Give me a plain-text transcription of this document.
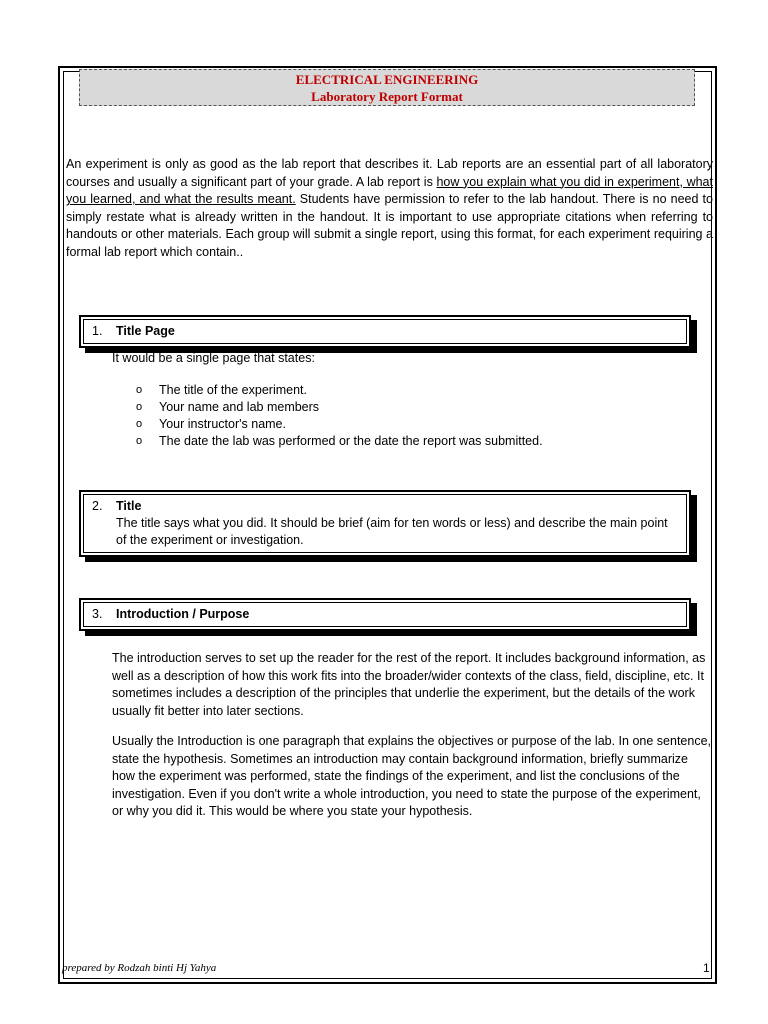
ELECTRICAL ENGINEERING
Laboratory Report Format
An experiment is only as good as the lab report that describes it. Lab reports are an essential part of all laboratory courses and usually a significant part of your grade. A lab report is how you explain what you did in experiment, what you learned, and what the results meant. Students have permission to refer to the lab handout. There is no need to simply restate what is already written in the handout. It is important to use appropriate citations when referring to handouts or other materials. Each group will submit a single report, using this format, for each experiment requiring a formal lab report which contain..
1. Title Page
It would be a single page that states:
o The title of the experiment.
o Your name and lab members
o Your instructor's name.
o The date the lab was performed or the date the report was submitted.
2. Title
The title says what you did. It should be brief (aim for ten words or less) and describe the main point of the experiment or investigation.
3. Introduction / Purpose
The introduction serves to set up the reader for the rest of the report. It includes background information, as well as a description of how this work fits into the broader/wider contexts of the class, field, discipline, etc. It sometimes includes a description of the principles that underlie the experiment, but the details of the work usually fit better into later sections.
Usually the Introduction is one paragraph that explains the objectives or purpose of the lab. In one sentence, state the hypothesis. Sometimes an introduction may contain background information, briefly summarize how the experiment was performed, state the findings of the experiment, and list the conclusions of the investigation. Even if you don't write a whole introduction, you need to state the purpose of the experiment, or why you did it. This would be where you state your hypothesis.
prepared by Rodzah binti Hj Yahya	1
